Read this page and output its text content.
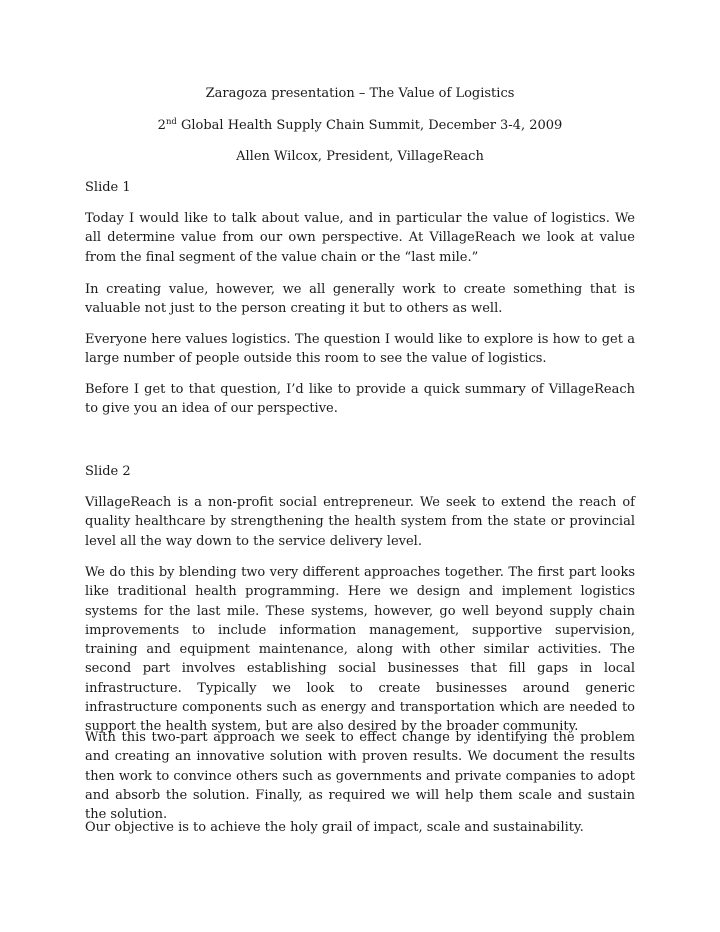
Zaragoza presentation – The Value of Logistics

2nd Global Health Supply Chain Summit, December 3-4, 2009

Allen Wilcox, President, VillageReach

Slide 1

Today I would like to talk about value, and in particular the value of logistics. We all determine value from our own perspective. At VillageReach we look at value from the final segment of the value chain or the “last mile.”

In creating value, however, we all generally work to create something that is valuable not just to the person creating it but to others as well.

Everyone here values logistics. The question I would like to explore is how to get a large number of people outside this room to see the value of logistics.

Before I get to that question, I’d like to provide a quick summary of VillageReach to give you an idea of our perspective.

Slide 2

VillageReach is a non-profit social entrepreneur. We seek to extend the reach of quality healthcare by strengthening the health system from the state or provincial level all the way down to the service delivery level.

We do this by blending two very different approaches together. The first part looks like traditional health programming. Here we design and implement logistics systems for the last mile. These systems, however, go well beyond supply chain improvements to include information management, supportive supervision, training and equipment maintenance, along with other similar activities. The second part involves establishing social businesses that fill gaps in local infrastructure. Typically we look to create businesses around generic infrastructure components such as energy and transportation which are needed to support the health system, but are also desired by the broader community.

With this two-part approach we seek to effect change by identifying the problem and creating an innovative solution with proven results. We document the results then work to convince others such as governments and private companies to adopt and absorb the solution. Finally, as required we will help them scale and sustain the solution.

Our objective is to achieve the holy grail of impact, scale and sustainability.
